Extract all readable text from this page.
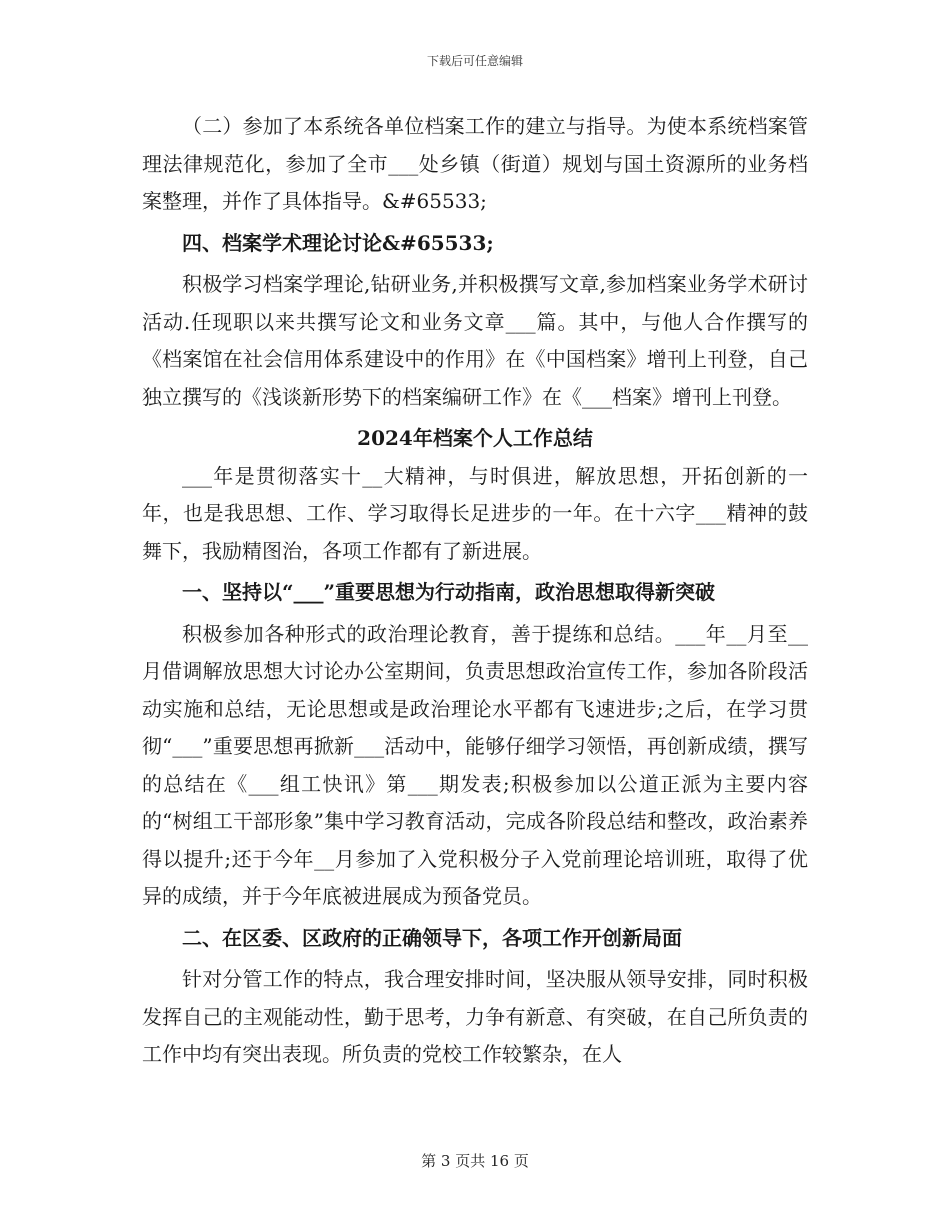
下载后可任意编辑

（二）参加了本系统各单位档案工作的建立与指导。为使本系统档案管理法律规范化，参加了全市___处乡镇（街道）规划与国土资源所的业务档案整理，并作了具体指导。&#65533;

四、档案学术理论讨论&#65533;

积极学习档案学理论,钻研业务,并积极撰写文章,参加档案业务学术研讨活动.任现职以来共撰写论文和业务文章___篇。其中，与他人合作撰写的《档案馆在社会信用体系建设中的作用》在《中国档案》增刊上刊登，自己独立撰写的《浅谈新形势下的档案编研工作》在《___档案》增刊上刊登。

2024年档案个人工作总结

___年是贯彻落实十__大精神，与时俱进，解放思想，开拓创新的一年，也是我思想、工作、学习取得长足进步的一年。在十六字___精神的鼓舞下，我励精图治，各项工作都有了新进展。

一、坚持以“___”重要思想为行动指南，政治思想取得新突破

积极参加各种形式的政治理论教育，善于提练和总结。___年__月至__月借调解放思想大讨论办公室期间，负责思想政治宣传工作，参加各阶段活动实施和总结，无论思想或是政治理论水平都有飞速进步;之后，在学习贯彻“___”重要思想再掀新___活动中，能够仔细学习领悟，再创新成绩，撰写的总结在《___组工快讯》第___期发表;积极参加以公道正派为主要内容的“树组工干部形象”集中学习教育活动，完成各阶段总结和整改，政治素养得以提升;还于今年__月参加了入党积极分子入党前理论培训班，取得了优异的成绩，并于今年底被进展成为预备党员。

二、在区委、区政府的正确领导下，各项工作开创新局面

针对分管工作的特点，我合理安排时间，坚决服从领导安排，同时积极发挥自己的主观能动性，勤于思考，力争有新意、有突破，在自己所负责的工作中均有突出表现。所负责的党校工作较繁杂，在人

第 3 页共 16 页
